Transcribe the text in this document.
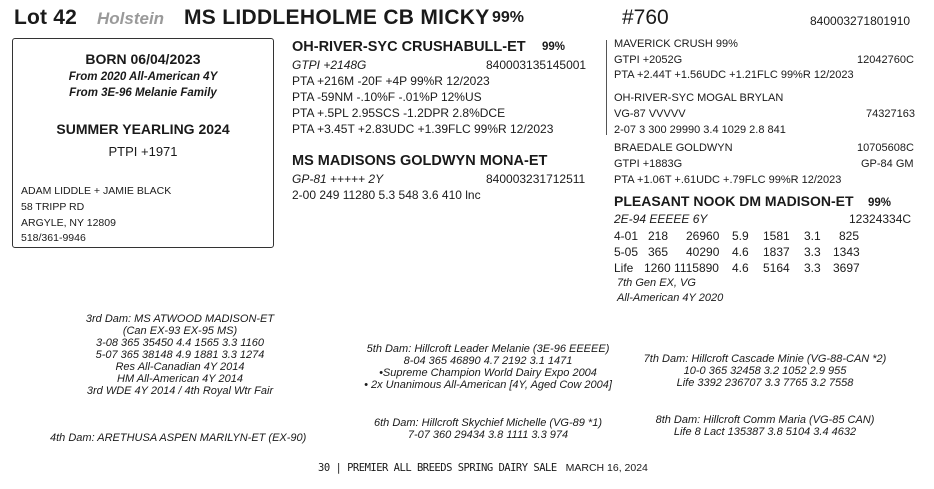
Lot 42 Holstein MS LIDDLEHOLME CB MICKY 99%	#760	840003271801910
BORN 06/04/2023
From 2020 All-American 4Y
From 3E-96 Melanie Family
SUMMER YEARLING 2024
PTPI +1971
ADAM LIDDLE + JAMIE BLACK
58 TRIPP RD
ARGYLE, NY 12809
518/361-9946
OH-RIVER-SYC CRUSHABULL-ET 99%
GTPI +2148G	840003135145001
PTA +216M -20F +4P 99%R 12/2023
PTA -59NM -.10%F -.01%P 12%US
PTA +.5PL 2.95SCS -1.2DPR 2.8%DCE
PTA +3.45T +2.83UDC +1.39FLC 99%R 12/2023
MS MADISONS GOLDWYN MONA-ET
GP-81 +++++ 2Y	840003231712511
2-00 249 11280 5.3 548 3.6 410 lnc
MAVERICK CRUSH 99%
GTPI +2052G	12042760C
PTA +2.44T +1.56UDC +1.21FLC 99%R 12/2023
OH-RIVER-SYC MOGAL BRYLAN
VG-87 VVVVV	74327163
2-07 3 300 29990 3.4 1029 2.8 841
BRAEDALE GOLDWYN	10705608C
GTPI +1883G	GP-84 GM
PTA +1.06T +.61UDC +.79FLC 99%R 12/2023
PLEASANT NOOK DM MADISON-ET 99%
2E-94 EEEEE 6Y	12324334C
4-01 218 26960 5.9 1581 3.1 825
5-05 365 40290 4.6 1837 3.3 1343
Life 1260 1115890 4.6 5164 3.3 3697
7th Gen EX, VG
All-American 4Y 2020
3rd Dam: MS ATWOOD MADISON-ET
(Can EX-93 EX-95 MS)
3-08 365 35450 4.4 1565 3.3 1160
5-07 365 38148 4.9 1881 3.3 1274
Res All-Canadian 4Y 2014
HM All-American 4Y 2014
3rd WDE 4Y 2014 / 4th Royal Wtr Fair
4th Dam: ARETHUSA ASPEN MARILYN-ET (EX-90)
5th Dam: Hillcroft Leader Melanie (3E-96 EEEEE)
8-04 365 46890 4.7 2192 3.1 1471
•Supreme Champion World Dairy Expo 2004
• 2x Unanimous All-American [4Y, Aged Cow 2004]
6th Dam: Hillcroft Skychief Michelle (VG-89 *1)
7-07 360 29434 3.8 1111 3.3 974
7th Dam: Hillcroft Cascade Minie (VG-88-CAN *2)
10-0 365 32458 3.2 1052 2.9 955
Life 3392 236707 3.3 7765 3.2 7558
8th Dam: Hillcroft Comm Maria (VG-85 CAN)
Life 8 Lact 135387 3.8 5104 3.4 4632
30 | PREMIER ALL BREEDS SPRING DAIRY SALE MARCH 16, 2024
